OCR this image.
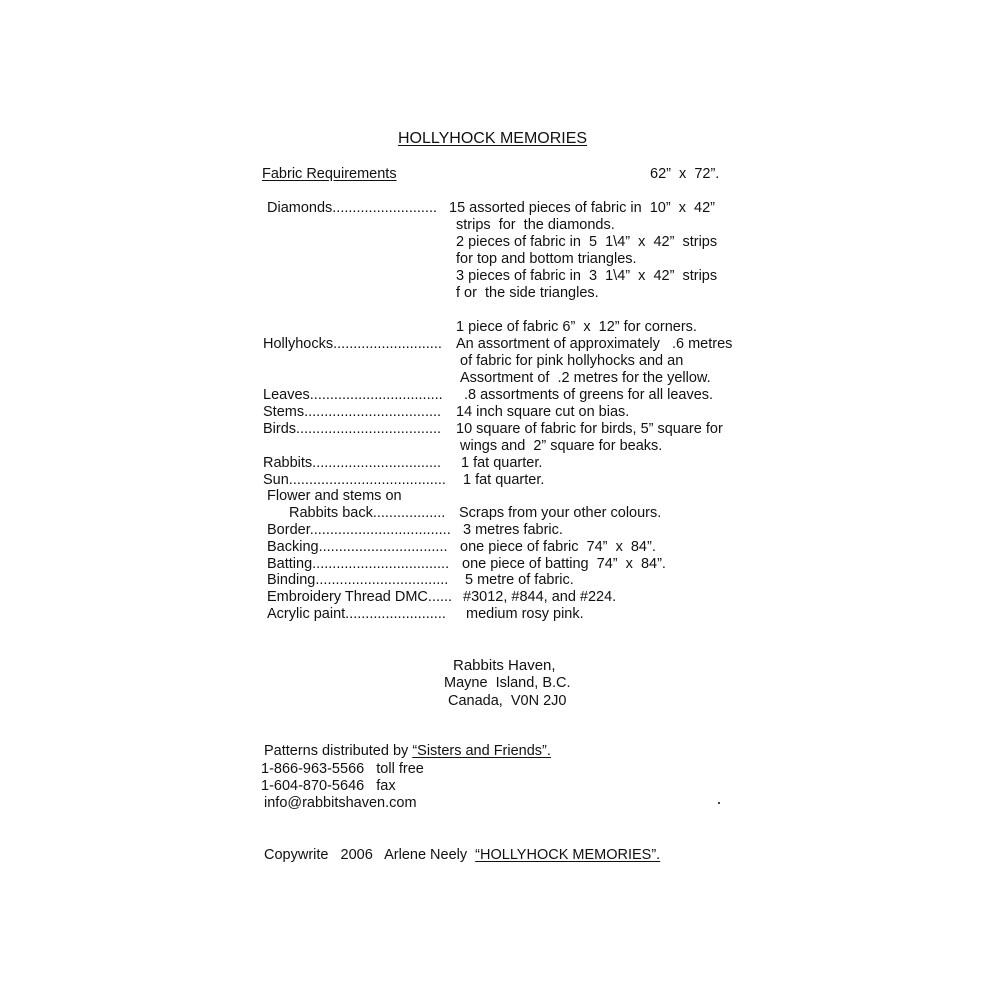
HOLLYHOCK MEMORIES
Fabric Requirements	62”  x  72”.
Diamonds.......................... 15 assorted pieces of fabric in  10”  x  42”
strips  for  the diamonds.
2 pieces of fabric in  5  1\4”  x  42”  strips
for top and bottom triangles.
3 pieces of fabric in  3  1\4”  x  42”  strips
f or  the side triangles.
1 piece of fabric 6”  x  12” for corners.
Hollyhocks........................... An assortment of approximately   .6 metres
of fabric for pink hollyhocks and an
Assortment of  .2 metres for the yellow.
Leaves................................. .8 assortments of greens for all leaves.
Stems.................................. 14 inch square cut on bias.
Birds.................................... 10 square of fabric for birds, 5” square for
wings and  2” square for beaks.
Rabbits................................ 1 fat quarter.
Sun....................................... 1 fat quarter.
Flower and stems on
Rabbits back.................. Scraps from your other colours.
Border................................... 3 metres fabric.
Backing................................ one piece of fabric  74”  x  84”.
Batting.................................. one piece of batting  74”  x  84”.
Binding................................. 5 metre of fabric.
Embroidery Thread DMC...... #3012, #844, and #224.
Acrylic paint......................... medium rosy pink.
Rabbits Haven,
Mayne  Island, B.C.
Canada,  V0N 2J0
Patterns distributed by “Sisters and Friends”.
1-866-963-5566   toll free
1-604-870-5646   fax
info@rabbitshaven.com
Copywrite   2006   Arlene Neely  “HOLLYHOCK MEMORIES”.
